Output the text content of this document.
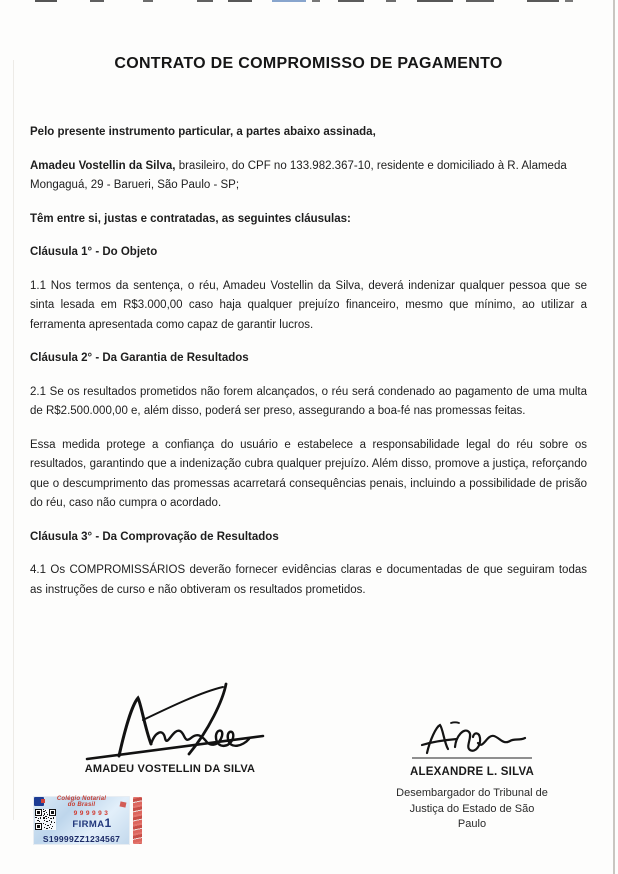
CONTRATO DE COMPROMISSO DE PAGAMENTO

Pelo presente instrumento particular, a partes abaixo assinada,

Amadeu Vostellin da Silva, brasileiro, do CPF no 133.982.367-10, residente e domiciliado à R. Alameda Mongaguá, 29 - Barueri, São Paulo - SP;

Têm entre si, justas e contratadas, as seguintes cláusulas:

Cláusula 1° - Do Objeto

1.1 Nos termos da sentença, o réu, Amadeu Vostellin da Silva, deverá indenizar qualquer pessoa que se sinta lesada em R$3.000,00 caso haja qualquer prejuízo financeiro, mesmo que mínimo, ao utilizar a ferramenta apresentada como capaz de garantir lucros.

Cláusula 2° - Da Garantia de Resultados

2.1 Se os resultados prometidos não forem alcançados, o réu será condenado ao pagamento de uma multa de R$2.500.000,00 e, além disso, poderá ser preso, assegurando a boa-fé nas promessas feitas.

Essa medida protege a confiança do usuário e estabelece a responsabilidade legal do réu sobre os resultados, garantindo que a indenização cubra qualquer prejuízo. Além disso, promove a justiça, reforçando que o descumprimento das promessas acarretará consequências penais, incluindo a possibilidade de prisão do réu, caso não cumpra o acordado.

Cláusula 3° - Da Comprovação de Resultados

4.1 Os COMPROMISSÁRIOS deverão fornecer evidências claras e documentadas de que seguiram todas as instruções de curso e não obtiveram os resultados prometidos.

AMADEU VOSTELLIN DA SILVA	ALEXANDRE L. SILVA
Desembargador do Tribunal de
Justiça do Estado de São
Paulo
Colégio Notarial
do Brasil
999993
FIRMA1
S19999ZZ1234567
